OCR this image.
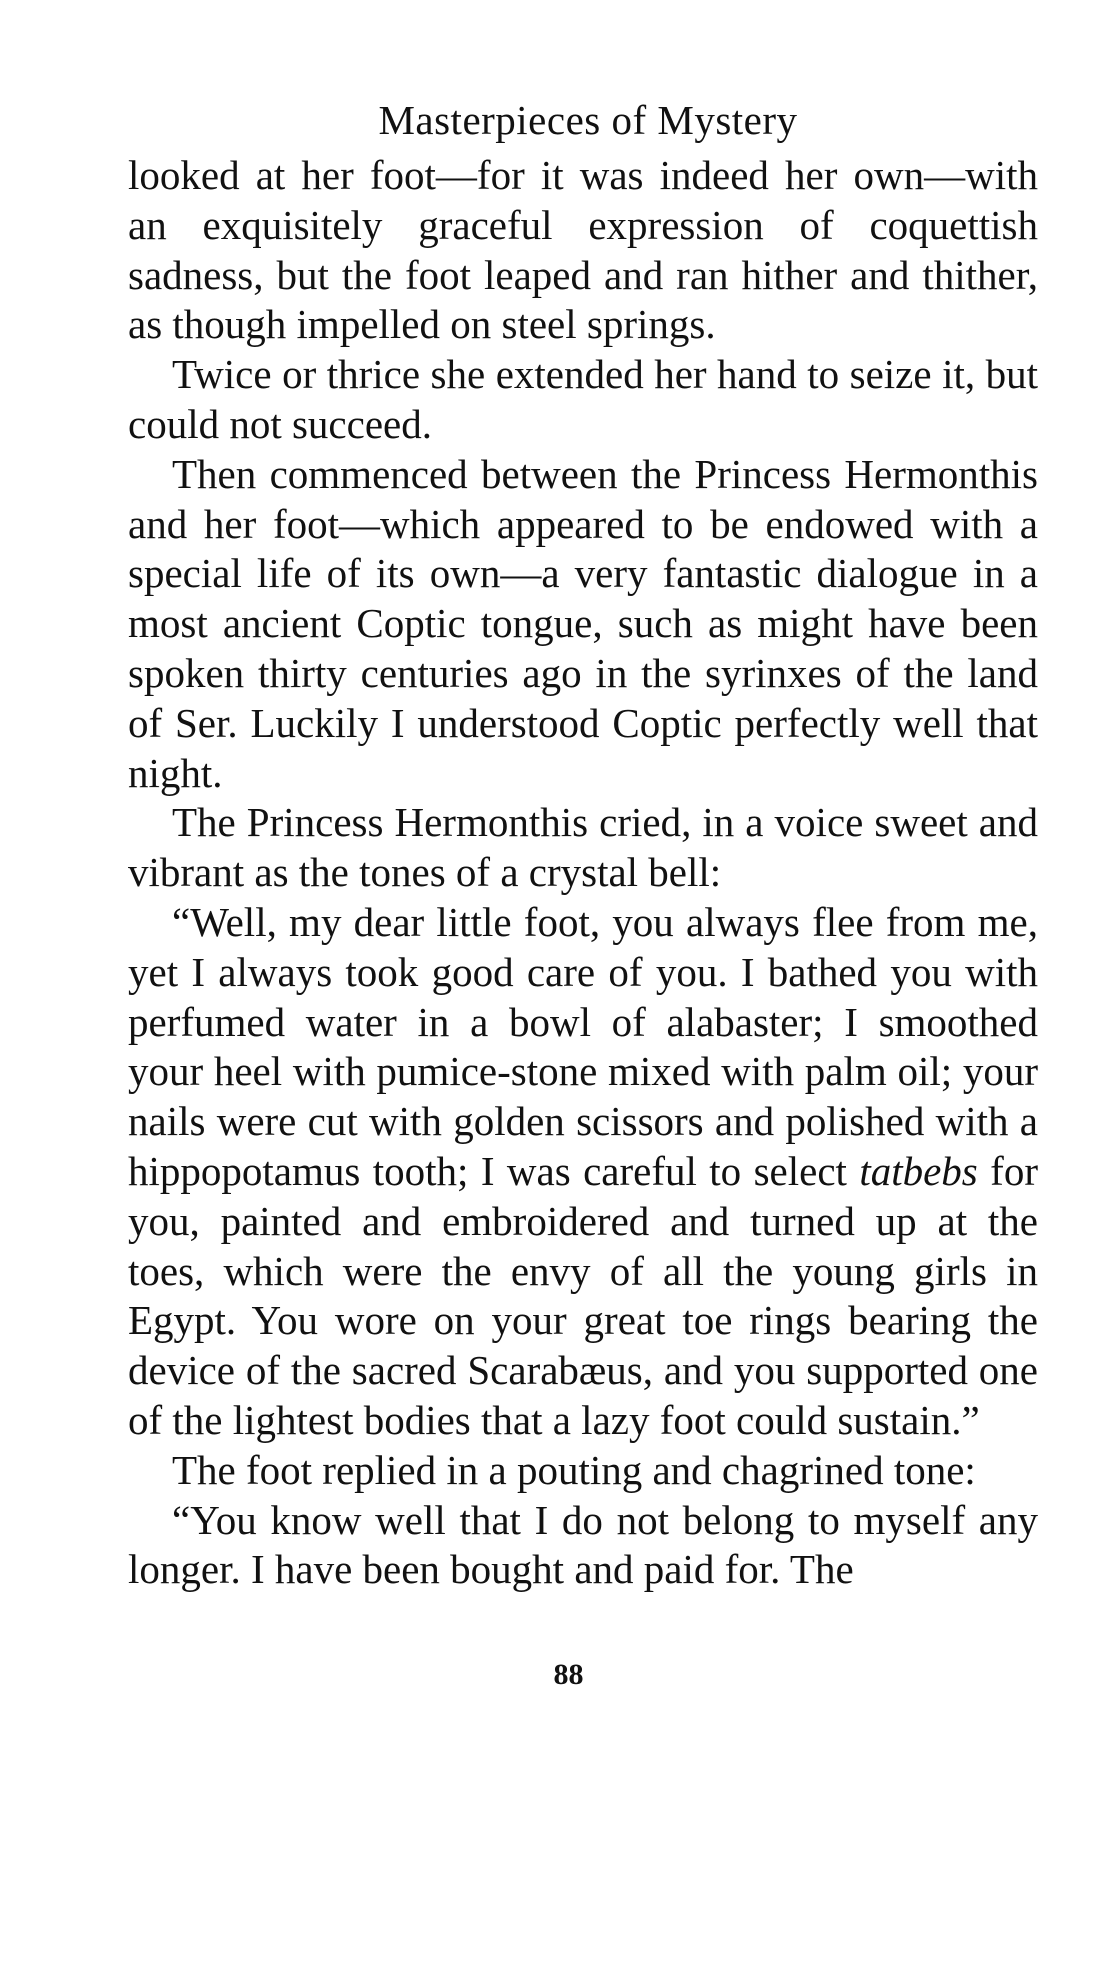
Masterpieces of Mystery

looked at her foot—for it was indeed her own—with an exquisitely graceful expression of coquettish sadness, but the foot leaped and ran hither and thither, as though impelled on steel springs.

Twice or thrice she extended her hand to seize it, but could not succeed.

Then commenced between the Princess Hermonthis and her foot—which appeared to be endowed with a special life of its own—a very fantastic dialogue in a most ancient Coptic tongue, such as might have been spoken thirty centuries ago in the syrinxes of the land of Ser. Luckily I understood Coptic perfectly well that night.

The Princess Hermonthis cried, in a voice sweet and vibrant as the tones of a crystal bell:

“Well, my dear little foot, you always flee from me, yet I always took good care of you. I bathed you with perfumed water in a bowl of alabaster; I smoothed your heel with pumice-stone mixed with palm oil; your nails were cut with golden scissors and polished with a hippopotamus tooth; I was careful to select tatbebs for you, painted and embroidered and turned up at the toes, which were the envy of all the young girls in Egypt. You wore on your great toe rings bearing the device of the sacred Scarabæus, and you supported one of the lightest bodies that a lazy foot could sustain.”

The foot replied in a pouting and chagrined tone:

“You know well that I do not belong to myself any longer. I have been bought and paid for. The

88
